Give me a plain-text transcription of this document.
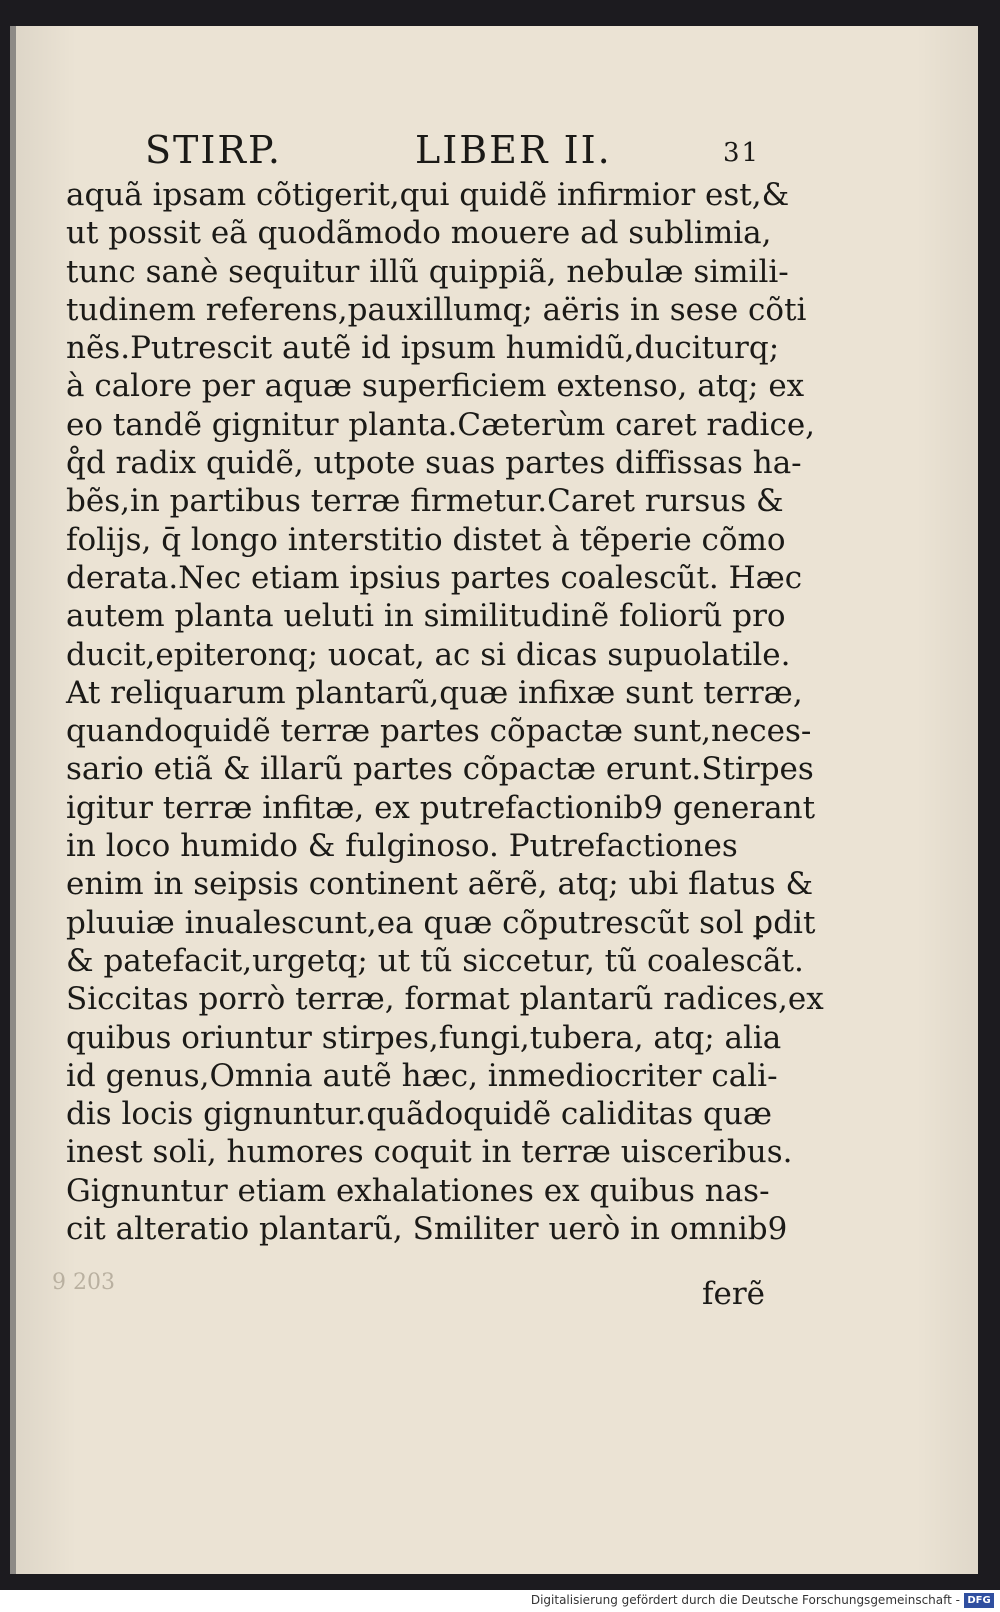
STIRP.	LIBER II.	31
aquã ipsam cõtigerit,qui quidẽ infirmior est,&
ut possit eã quodãmodo mouere ad sublimia,
tunc sanè sequitur illũ quippiã, nebulæ simili-
tudinem referens,pauxillumq; aëris in sese cõti
nẽs.Putrescit autẽ id ipsum humidũ,duciturq;
à calore per aquæ superficiem extenso, atq; ex
eo tandẽ gignitur planta.Cæterùm caret radice,
q̊d radix quidẽ, utpote suas partes diffissas ha-
bẽs,in partibus terræ firmetur.Caret rursus &
folijs, q̄ longo interstitio distet à tẽperie cõmo
derata.Nec etiam ipsius partes coalescũt. Hæc
autem planta ueluti in similitudinẽ foliorũ pro
ducit,epiteronq; uocat, ac si dicas supuolatile.
At reliquarum plantarũ,quæ infixæ sunt terræ,
quandoquidẽ terræ partes cõpactæ sunt,neces-
sario etiã & illarũ partes cõpactæ erunt.Stirpes
igitur terræ infitæ, ex putrefactionib9 generant
in loco humido & fulginoso. Putrefactiones
enim in seipsis continent aẽrẽ, atq; ubi flatus &
pluuiæ inualescunt,ea quæ cõputrescũt sol ꝑdit
& patefacit,urgetq; ut tũ siccetur, tũ coalescãt.
Siccitas porrò terræ, format plantarũ radices,ex
quibus oriuntur stirpes,fungi,tubera, atq; alia
id genus,Omnia autẽ hæc, inmediocriter cali-
dis locis gignuntur.quãdoquidẽ caliditas quæ
inest soli, humores coquit in terræ uisceribus.
Gignuntur etiam exhalationes ex quibus nas-
cit alteratio plantarũ, Smiliter uerò in omnib9
9 203	ferẽ
Digitalisierung gefördert durch die Deutsche Forschungsgemeinschaft - DFG
